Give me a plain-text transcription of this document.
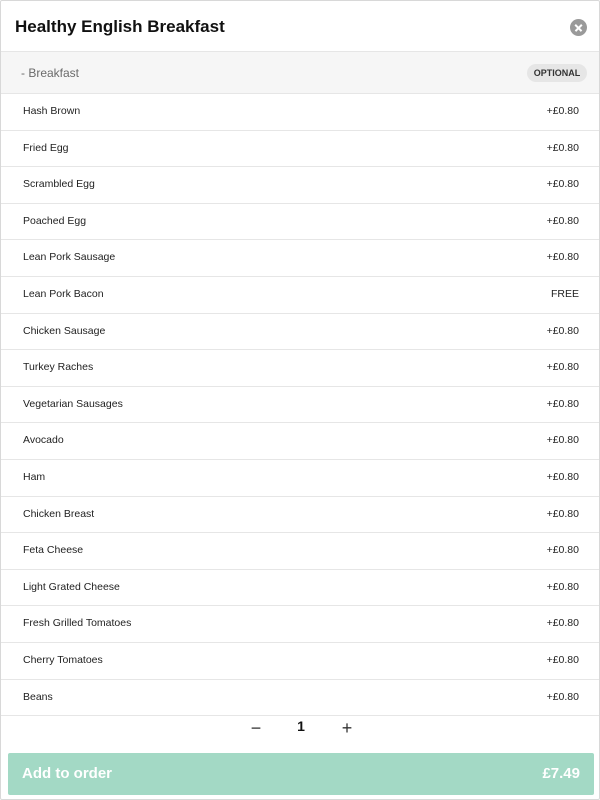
Healthy English Breakfast
- Breakfast	OPTIONAL
Hash Brown	+£0.80
Fried Egg	+£0.80
Scrambled Egg	+£0.80
Poached Egg	+£0.80
Lean Pork Sausage	+£0.80
Lean Pork Bacon	FREE
Chicken Sausage	+£0.80
Turkey Raches	+£0.80
Vegetarian Sausages	+£0.80
Avocado	+£0.80
Ham	+£0.80
Chicken Breast	+£0.80
Feta Cheese	+£0.80
Light Grated Cheese	+£0.80
Fresh Grilled Tomatoes	+£0.80
Cherry Tomatoes	+£0.80
Beans	+£0.80
−	1	+
Add to order	£7.49
